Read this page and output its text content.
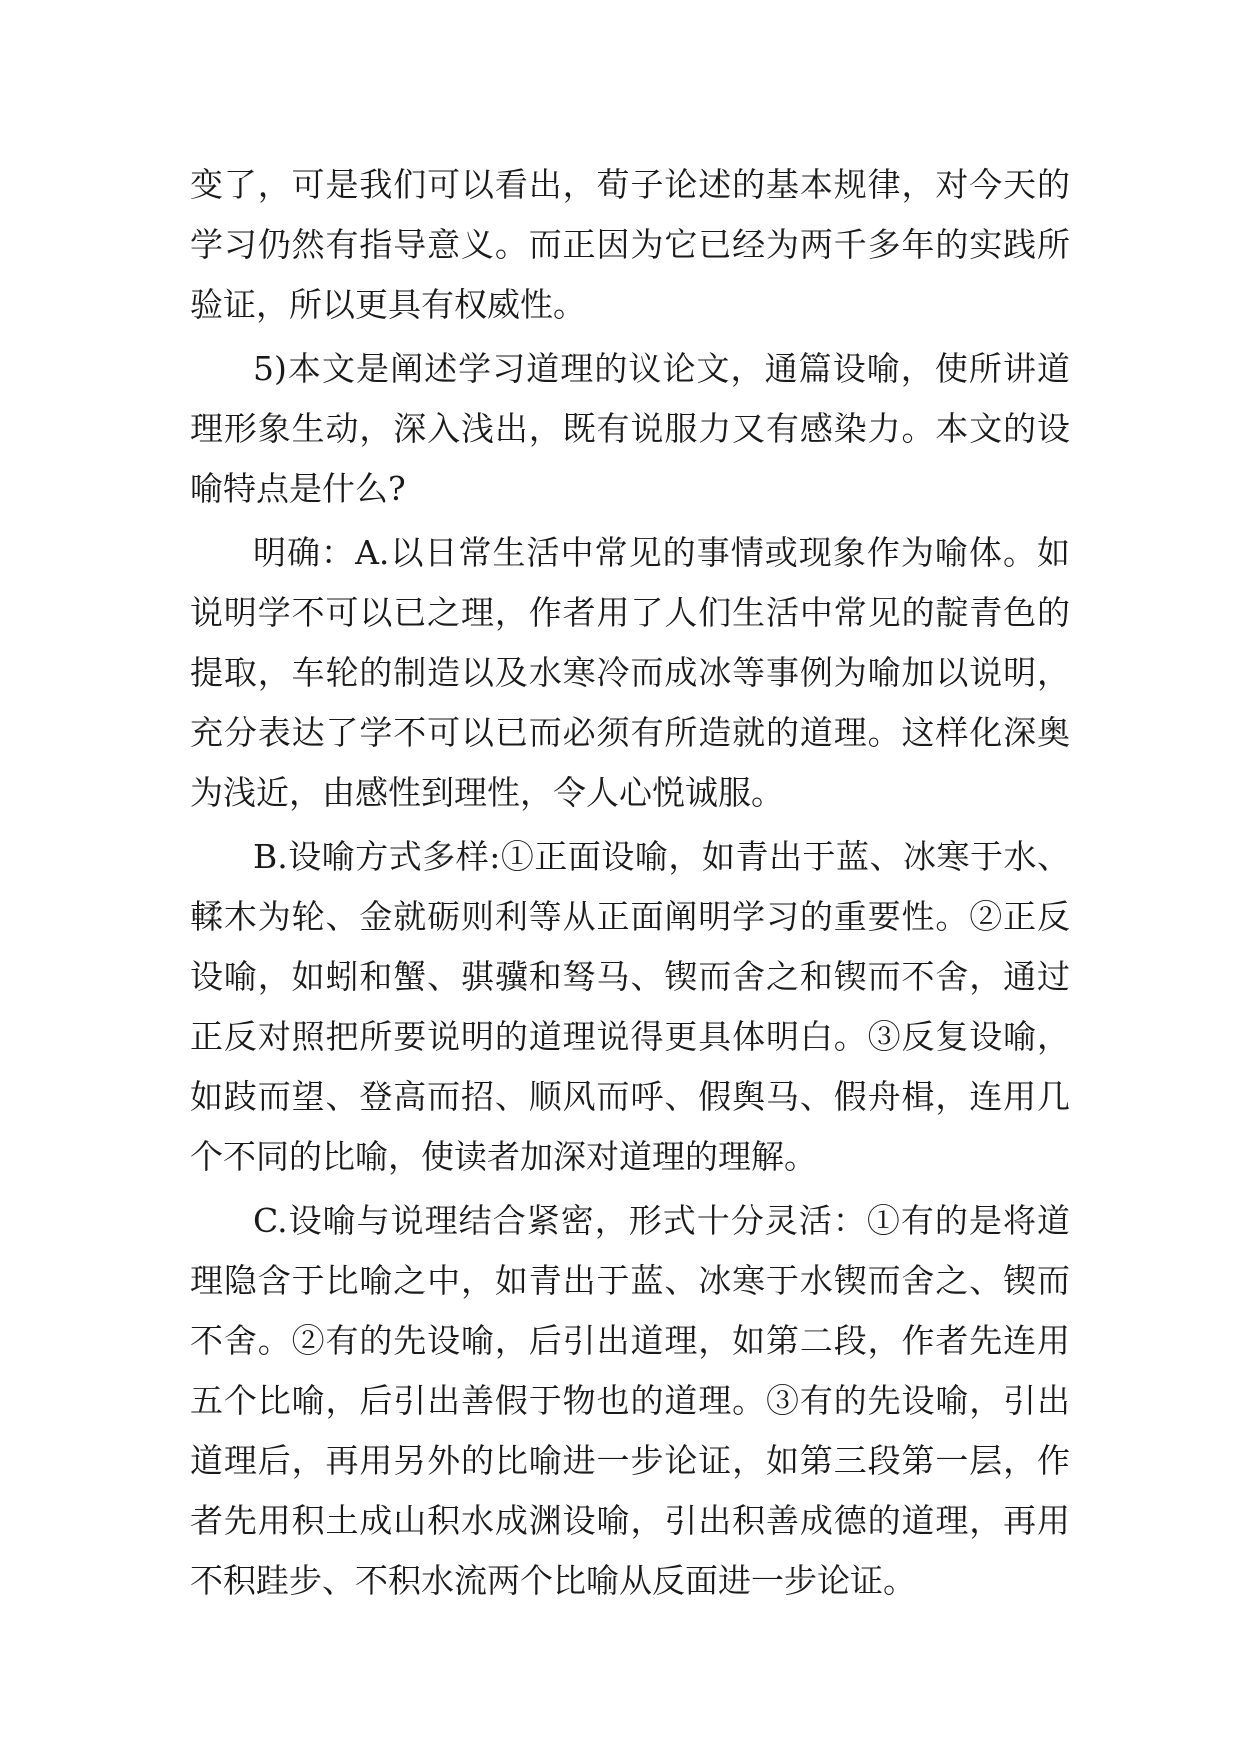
变了，可是我们可以看出，荀子论述的基本规律，对今天的
学习仍然有指导意义。而正因为它已经为两千多年的实践所
验证，所以更具有权威性。
5)本文是阐述学习道理的议论文，通篇设喻，使所讲道
理形象生动，深入浅出，既有说服力又有感染力。本文的设
喻特点是什么?
明确：A.以日常生活中常见的事情或现象作为喻体。如
说明学不可以已之理，作者用了人们生活中常见的靛青色的
提取，车轮的制造以及水寒冷而成冰等事例为喻加以说明，
充分表达了学不可以已而必须有所造就的道理。这样化深奥
为浅近，由感性到理性，令人心悦诚服。
B.设喻方式多样:①正面设喻，如青出于蓝、冰寒于水、
輮木为轮、金就砺则利等从正面阐明学习的重要性。②正反
设喻，如蚓和蟹、骐骥和驽马、锲而舍之和锲而不舍，通过
正反对照把所要说明的道理说得更具体明白。③反复设喻，
如跂而望、登高而招、顺风而呼、假舆马、假舟楫，连用几
个不同的比喻，使读者加深对道理的理解。
C.设喻与说理结合紧密，形式十分灵活：①有的是将道
理隐含于比喻之中，如青出于蓝、冰寒于水锲而舍之、锲而
不舍。②有的先设喻，后引出道理，如第二段，作者先连用
五个比喻，后引出善假于物也的道理。③有的先设喻，引出
道理后，再用另外的比喻进一步论证，如第三段第一层，作
者先用积土成山积水成渊设喻，引出积善成德的道理，再用
不积跬步、不积水流两个比喻从反面进一步论证。
